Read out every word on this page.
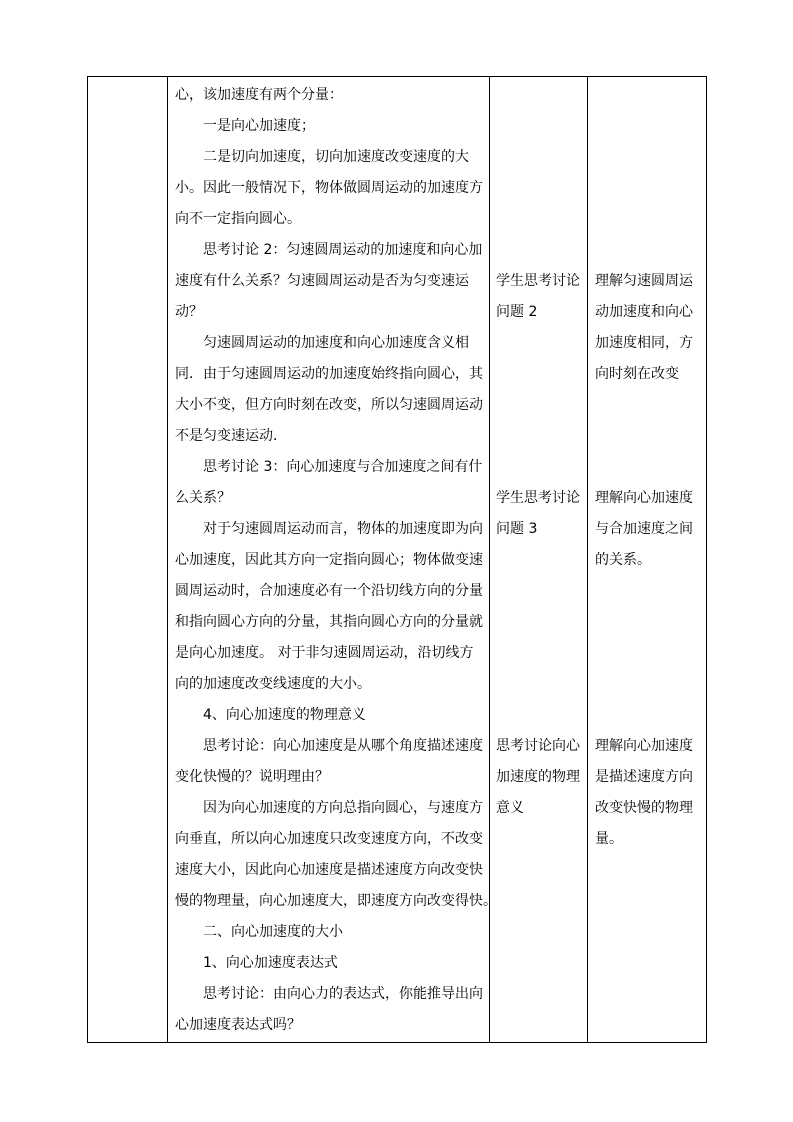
心，该加速度有两个分量：
一是向心加速度；
二是切向加速度，切向加速度改变速度的大
小。因此一般情况下，物体做圆周运动的加速度方
向不一定指向圆心。
思考讨论 2：匀速圆周运动的加速度和向心加
速度有什么关系？匀速圆周运动是否为匀变速运
动？
匀速圆周运动的加速度和向心加速度含义相
同．由于匀速圆周运动的加速度始终指向圆心，其
大小不变，但方向时刻在改变，所以匀速圆周运动
不是匀变速运动．
思考讨论 3：向心加速度与合加速度之间有什
么关系？
对于匀速圆周运动而言，物体的加速度即为向
心加速度，因此其方向一定指向圆心；物体做变速
圆周运动时，合加速度必有一个沿切线方向的分量
和指向圆心方向的分量，其指向圆心方向的分量就
是向心加速度。 对于非匀速圆周运动，沿切线方
向的加速度改变线速度的大小。
4、向心加速度的物理意义
思考讨论：向心加速度是从哪个角度描述速度
变化快慢的？说明理由？
因为向心加速度的方向总指向圆心，与速度方
向垂直，所以向心加速度只改变速度方向，不改变
速度大小，因此向心加速度是描述速度方向改变快
慢的物理量，向心加速度大，即速度方向改变得快。
二、向心加速度的大小
1、向心加速度表达式
思考讨论：由向心力的表达式，你能推导出向
心加速度表达式吗？
学生思考讨论
问题 2
学生思考讨论
问题 3
思考讨论向心
加速度的物理
意义
理解匀速圆周运
动加速度和向心
加速度相同，方
向时刻在改变
理解向心加速度
与合加速度之间
的关系。
理解向心加速度
是描述速度方向
改变快慢的物理
量。
